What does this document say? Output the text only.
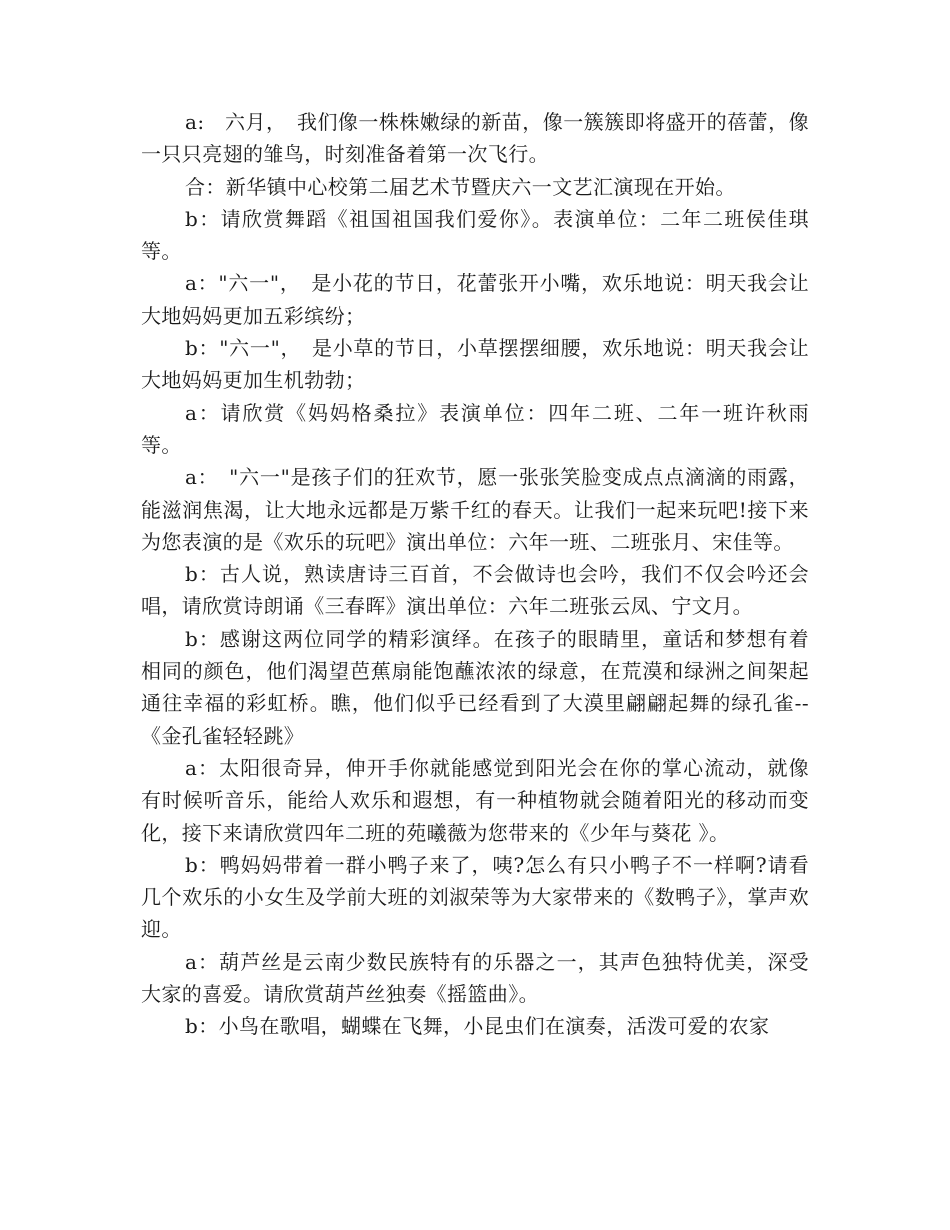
a:　六月，　我们像一株株嫩绿的新苗，像一簇簇即将盛开的蓓蕾，像一只只亮翅的雏鸟，时刻准备着第一次飞行。

合：新华镇中心校第二届艺术节暨庆六一文艺汇演现在开始。

b：请欣赏舞蹈《祖国祖国我们爱你》。表演单位：二年二班侯佳琪等。

a："六一"，　是小花的节日，花蕾张开小嘴，欢乐地说：明天我会让大地妈妈更加五彩缤纷；

b："六一"，　是小草的节日，小草摆摆细腰，欢乐地说：明天我会让大地妈妈更加生机勃勃；

a：请欣赏《妈妈格桑拉》表演单位：四年二班、二年一班许秋雨等。

a：　"六一"是孩子们的狂欢节，愿一张张笑脸变成点点滴滴的雨露，能滋润焦渴，让大地永远都是万紫千红的春天。让我们一起来玩吧!接下来为您表演的是《欢乐的玩吧》演出单位：六年一班、二班张月、宋佳等。

b：古人说，熟读唐诗三百首，不会做诗也会吟，我们不仅会吟还会唱，请欣赏诗朗诵《三春晖》演出单位：六年二班张云凤、宁文月。

b：感谢这两位同学的精彩演绎。在孩子的眼睛里，童话和梦想有着相同的颜色，他们渴望芭蕉扇能饱蘸浓浓的绿意，在荒漠和绿洲之间架起通往幸福的彩虹桥。瞧，他们似乎已经看到了大漠里翩翩起舞的绿孔雀--《金孔雀轻轻跳》

a：太阳很奇异，伸开手你就能感觉到阳光会在你的掌心流动，就像有时候听音乐，能给人欢乐和遐想，有一种植物就会随着阳光的移动而变化，接下来请欣赏四年二班的苑曦薇为您带来的《少年与葵花 》。

b：鸭妈妈带着一群小鸭子来了，咦?怎么有只小鸭子不一样啊?请看几个欢乐的小女生及学前大班的刘淑荣等为大家带来的《数鸭子》，掌声欢迎。

a：葫芦丝是云南少数民族特有的乐器之一，其声色独特优美，深受大家的喜爱。请欣赏葫芦丝独奏《摇篮曲》。

b：小鸟在歌唱，蝴蝶在飞舞，小昆虫们在演奏，活泼可爱的农家
